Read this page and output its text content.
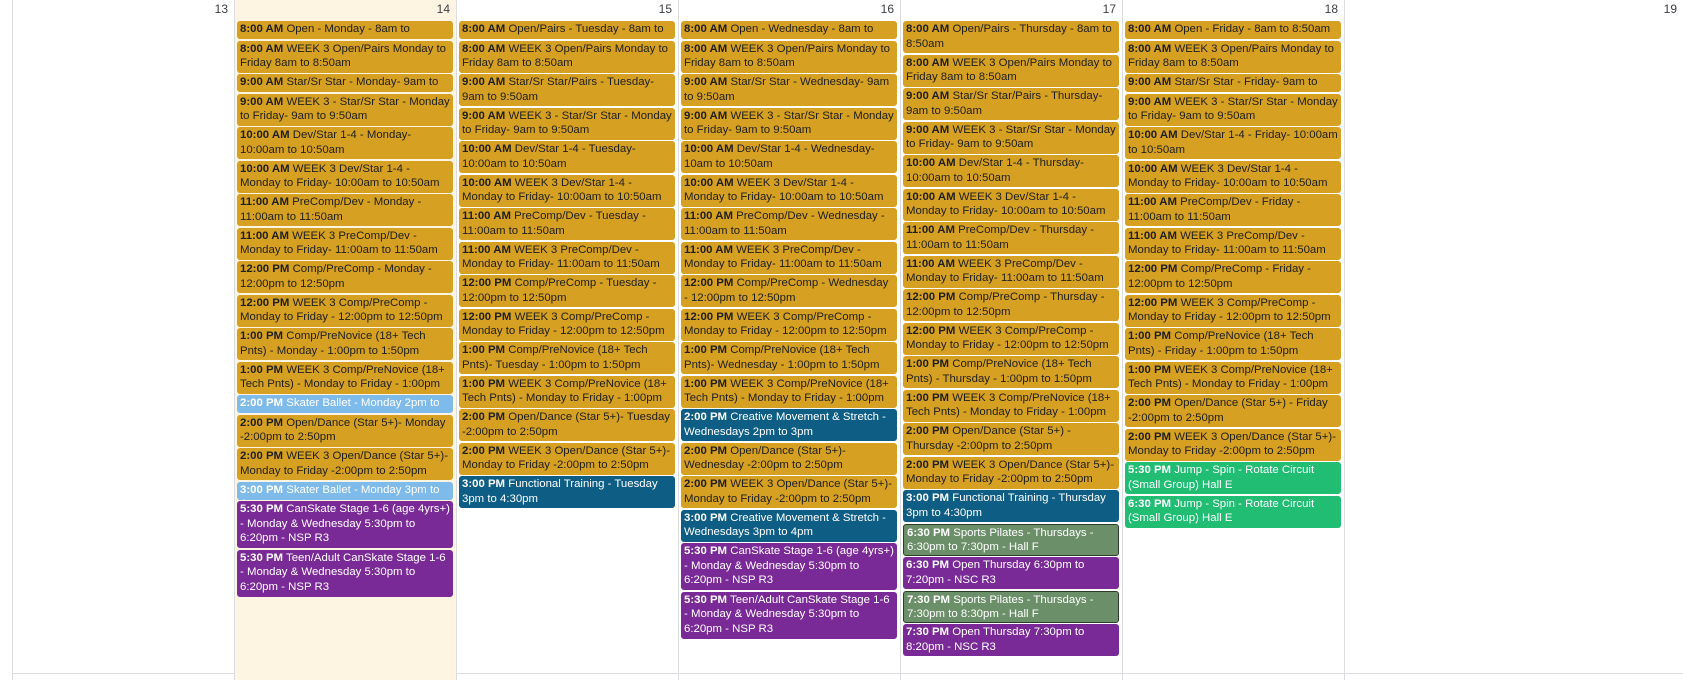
13	14
8:00 AM Open - Monday - 8am to
8:00 AM WEEK 3 Open/Pairs Monday to Friday 8am to 8:50am
9:00 AM Star/Sr Star - Monday- 9am to
9:00 AM WEEK 3 - Star/Sr Star - Monday to Friday- 9am to 9:50am
10:00 AM Dev/Star 1-4 - Monday- 10:00am to 10:50am
10:00 AM WEEK 3 Dev/Star 1-4 - Monday to Friday- 10:00am to 10:50am
11:00 AM PreComp/Dev - Monday - 11:00am to 11:50am
11:00 AM WEEK 3 PreComp/Dev - Monday to Friday- 11:00am to 11:50am
12:00 PM Comp/PreComp - Monday - 12:00pm to 12:50pm
12:00 PM WEEK 3 Comp/PreComp - Monday to Friday - 12:00pm to 12:50pm
1:00 PM Comp/PreNovice (18+ Tech Pnts) - Monday - 1:00pm to 1:50pm
1:00 PM WEEK 3 Comp/PreNovice (18+ Tech Pnts) - Monday to Friday - 1:00pm
2:00 PM Skater Ballet - Monday 2pm to
2:00 PM Open/Dance (Star 5+)- Monday -2:00pm to 2:50pm
2:00 PM WEEK 3 Open/Dance (Star 5+)- Monday to Friday -2:00pm to 2:50pm
3:00 PM Skater Ballet - Monday 3pm to
5:30 PM CanSkate Stage 1-6 (age 4yrs+) - Monday & Wednesday 5:30pm to 6:20pm - NSP R3
5:30 PM Teen/Adult CanSkate Stage 1-6 - Monday & Wednesday 5:30pm to 6:20pm - NSP R3
15
8:00 AM Open/Pairs - Tuesday - 8am to
8:00 AM WEEK 3 Open/Pairs Monday to Friday 8am to 8:50am
9:00 AM Star/Sr Star/Pairs - Tuesday- 9am to 9:50am
9:00 AM WEEK 3 - Star/Sr Star - Monday to Friday- 9am to 9:50am
10:00 AM Dev/Star 1-4 - Tuesday- 10:00am to 10:50am
10:00 AM WEEK 3 Dev/Star 1-4 - Monday to Friday- 10:00am to 10:50am
11:00 AM PreComp/Dev - Tuesday - 11:00am to 11:50am
11:00 AM WEEK 3 PreComp/Dev - Monday to Friday- 11:00am to 11:50am
12:00 PM Comp/PreComp - Tuesday - 12:00pm to 12:50pm
12:00 PM WEEK 3 Comp/PreComp - Monday to Friday - 12:00pm to 12:50pm
1:00 PM Comp/PreNovice (18+ Tech Pnts)- Tuesday - 1:00pm to 1:50pm
1:00 PM WEEK 3 Comp/PreNovice (18+ Tech Pnts) - Monday to Friday - 1:00pm
2:00 PM Open/Dance (Star 5+)- Tuesday -2:00pm to 2:50pm
2:00 PM WEEK 3 Open/Dance (Star 5+)- Monday to Friday -2:00pm to 2:50pm
3:00 PM Functional Training - Tuesday 3pm to 4:30pm
16
8:00 AM Open - Wednesday - 8am to
8:00 AM WEEK 3 Open/Pairs Monday to Friday 8am to 8:50am
9:00 AM Star/Sr Star - Wednesday- 9am to 9:50am
9:00 AM WEEK 3 - Star/Sr Star - Monday to Friday- 9am to 9:50am
10:00 AM Dev/Star 1-4 - Wednesday- 10am to 10:50am
10:00 AM WEEK 3 Dev/Star 1-4 - Monday to Friday- 10:00am to 10:50am
11:00 AM PreComp/Dev - Wednesday - 11:00am to 11:50am
11:00 AM WEEK 3 PreComp/Dev - Monday to Friday- 11:00am to 11:50am
12:00 PM Comp/PreComp - Wednesday - 12:00pm to 12:50pm
12:00 PM WEEK 3 Comp/PreComp - Monday to Friday - 12:00pm to 12:50pm
1:00 PM Comp/PreNovice (18+ Tech Pnts)- Wednesday - 1:00pm to 1:50pm
1:00 PM WEEK 3 Comp/PreNovice (18+ Tech Pnts) - Monday to Friday - 1:00pm
2:00 PM Creative Movement & Stretch - Wednesdays 2pm to 3pm
2:00 PM Open/Dance (Star 5+)- Wednesday -2:00pm to 2:50pm
2:00 PM WEEK 3 Open/Dance (Star 5+)- Monday to Friday -2:00pm to 2:50pm
3:00 PM Creative Movement & Stretch - Wednesdays 3pm to 4pm
5:30 PM CanSkate Stage 1-6 (age 4yrs+) - Monday & Wednesday 5:30pm to 6:20pm - NSP R3
5:30 PM Teen/Adult CanSkate Stage 1-6 - Monday & Wednesday 5:30pm to 6:20pm - NSP R3
17
8:00 AM Open/Pairs - Thursday - 8am to 8:50am
8:00 AM WEEK 3 Open/Pairs Monday to Friday 8am to 8:50am
9:00 AM Star/Sr Star/Pairs - Thursday- 9am to 9:50am
9:00 AM WEEK 3 - Star/Sr Star - Monday to Friday- 9am to 9:50am
10:00 AM Dev/Star 1-4 - Thursday- 10:00am to 10:50am
10:00 AM WEEK 3 Dev/Star 1-4 - Monday to Friday- 10:00am to 10:50am
11:00 AM PreComp/Dev - Thursday - 11:00am to 11:50am
11:00 AM WEEK 3 PreComp/Dev - Monday to Friday- 11:00am to 11:50am
12:00 PM Comp/PreComp - Thursday - 12:00pm to 12:50pm
12:00 PM WEEK 3 Comp/PreComp - Monday to Friday - 12:00pm to 12:50pm
1:00 PM Comp/PreNovice (18+ Tech Pnts) - Thursday - 1:00pm to 1:50pm
1:00 PM WEEK 3 Comp/PreNovice (18+ Tech Pnts) - Monday to Friday - 1:00pm
2:00 PM Open/Dance (Star 5+) - Thursday -2:00pm to 2:50pm
2:00 PM WEEK 3 Open/Dance (Star 5+)- Monday to Friday -2:00pm to 2:50pm
3:00 PM Functional Training - Thursday 3pm to 4:30pm
6:30 PM Sports Pilates - Thursdays - 6:30pm to 7:30pm - Hall F
6:30 PM Open Thursday 6:30pm to 7:20pm - NSC R3
7:30 PM Sports Pilates - Thursdays - 7:30pm to 8:30pm - Hall F
7:30 PM Open Thursday 7:30pm to 8:20pm - NSC R3
18
8:00 AM Open - Friday - 8am to 8:50am
8:00 AM WEEK 3 Open/Pairs Monday to Friday 8am to 8:50am
9:00 AM Star/Sr Star - Friday- 9am to
9:00 AM WEEK 3 - Star/Sr Star - Monday to Friday- 9am to 9:50am
10:00 AM Dev/Star 1-4 - Friday- 10:00am to 10:50am
10:00 AM WEEK 3 Dev/Star 1-4 - Monday to Friday- 10:00am to 10:50am
11:00 AM PreComp/Dev - Friday - 11:00am to 11:50am
11:00 AM WEEK 3 PreComp/Dev - Monday to Friday- 11:00am to 11:50am
12:00 PM Comp/PreComp - Friday - 12:00pm to 12:50pm
12:00 PM WEEK 3 Comp/PreComp - Monday to Friday - 12:00pm to 12:50pm
1:00 PM Comp/PreNovice (18+ Tech Pnts) - Friday - 1:00pm to 1:50pm
1:00 PM WEEK 3 Comp/PreNovice (18+ Tech Pnts) - Monday to Friday - 1:00pm
2:00 PM Open/Dance (Star 5+) - Friday -2:00pm to 2:50pm
2:00 PM WEEK 3 Open/Dance (Star 5+)- Monday to Friday -2:00pm to 2:50pm
5:30 PM Jump - Spin - Rotate Circuit (Small Group) Hall E
6:30 PM Jump - Spin - Rotate Circuit (Small Group) Hall E
19
